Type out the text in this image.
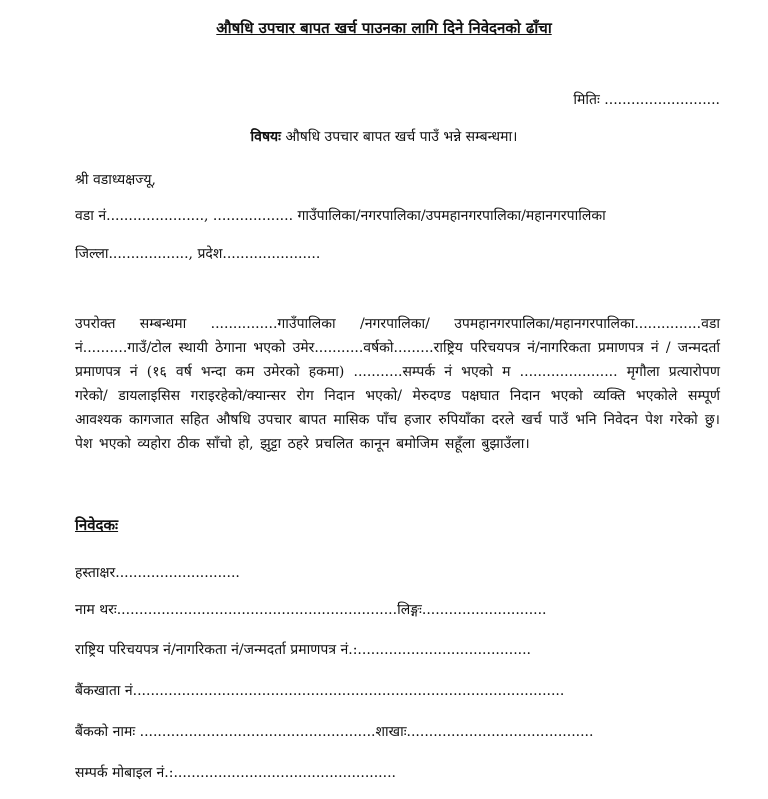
औषधि उपचार बापत खर्च पाउनका लागि दिने निवेदनको ढाँचा
मितिः ..........................
विषयः औषधि उपचार बापत खर्च पाउँ भन्ने सम्बन्धमा।
श्री वडाध्यक्षज्यू,
वडा नं......................, .................. गाउँपालिका/नगरपालिका/उपमहानगरपालिका/महानगरपालिका
जिल्ला.................., प्रदेश......................
उपरोक्त सम्बन्धमा ...............गाउँपालिका /नगरपालिका/ उपमहानगरपालिका/महानगरपालिका...............वडा नं..........गाउँ/टोल स्थायी ठेगाना भएको उमेर...........वर्षको.........राष्ट्रिय परिचयपत्र नं/नागरिकता प्रमाणपत्र नं / जन्मदर्ता प्रमाणपत्र नं (१६ वर्ष भन्दा कम उमेरको हकमा) ...........सम्पर्क नं भएको म ...................... मृगौला प्रत्यारोपण गरेको/ डायलाइसिस गराइरहेको/क्यान्सर रोग निदान भएको/ मेरुदण्ड पक्षघात निदान भएको व्यक्ति भएकोले सम्पूर्ण आवश्यक कागजात सहित औषधि उपचार बापत मासिक पाँच हजार रुपियाँका दरले खर्च पाउँ भनि निवेदन पेश गरेको छु। पेश भएको व्यहोरा ठीक साँचो हो, झुट्टा ठहरे प्रचलित कानून बमोजिम सहूँला बुझाउँला।
निवेदकः
हस्ताक्षर............................
नाम थरः...............................................................लिङ्गः............................
राष्ट्रिय परिचयपत्र नं/नागरिकता नं/जन्मदर्ता प्रमाणपत्र नं.:.......................................
बैंकखाता नं.................................................................................................
बैंकको नामः .....................................................शाखाः..........................................
सम्पर्क मोबाइल नं.:..................................................
